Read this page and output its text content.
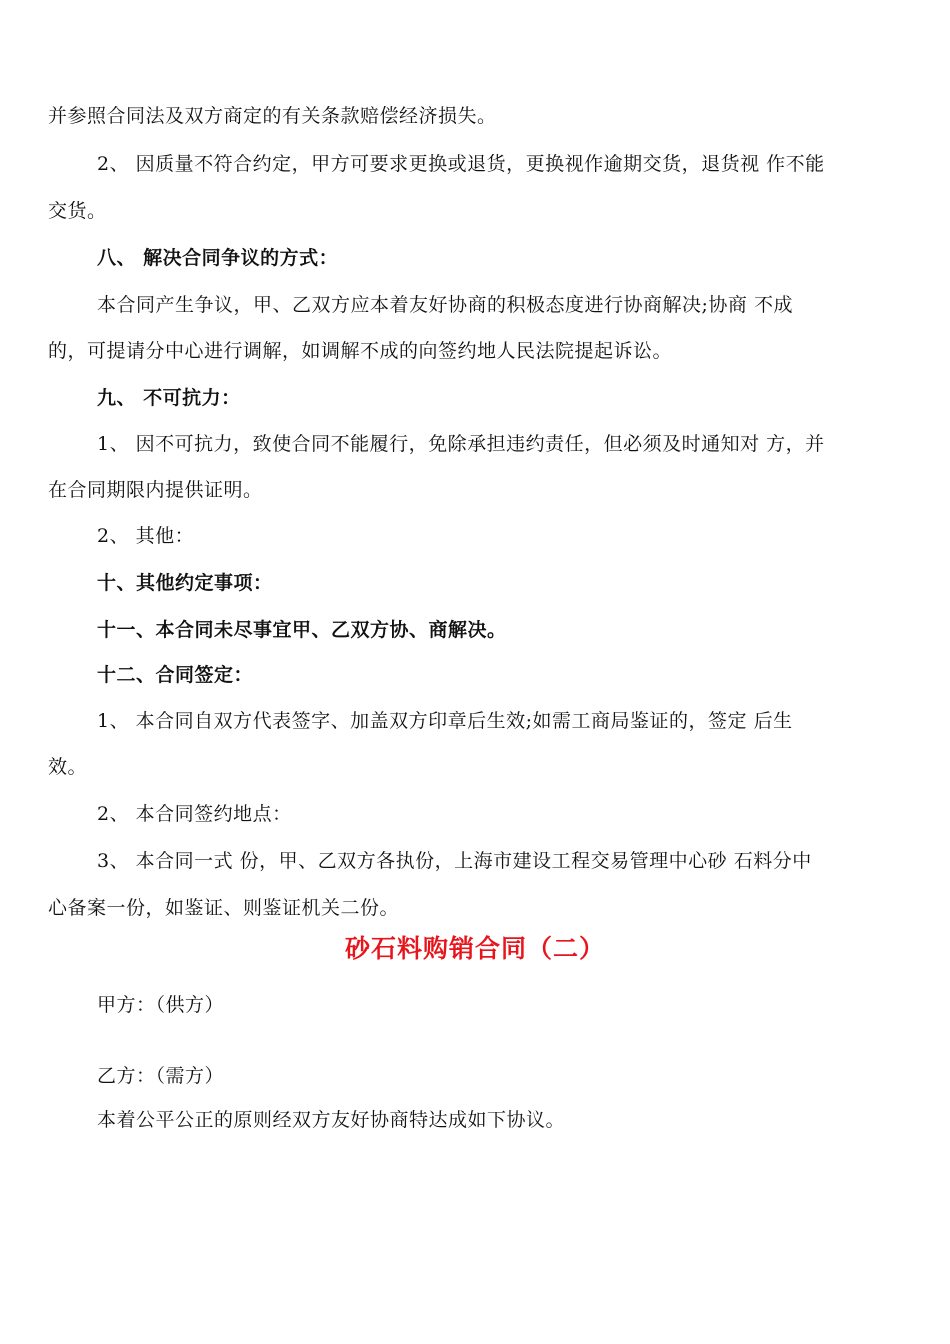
并参照合同法及双方商定的有关条款赔偿经济损失。
2、 因质量不符合约定，甲方可要求更换或退货，更换视作逾期交货，退货视 作不能
交货。
八、 解决合同争议的方式：
本合同产生争议，甲、乙双方应本着友好协商的积极态度进行协商解决;协商 不成
的，可提请分中心进行调解，如调解不成的向签约地人民法院提起诉讼。
九、 不可抗力：
1、 因不可抗力，致使合同不能履行，免除承担违约责任，但必须及时通知对 方，并
在合同期限内提供证明。
2、 其他：
十、其他约定事项：
十一、本合同未尽事宜甲、乙双方协、商解决。
十二、合同签定：
1、 本合同自双方代表签字、加盖双方印章后生效;如需工商局鉴证的，签定 后生
效。
2、 本合同签约地点：
3、 本合同一式 份，甲、乙双方各执份，上海市建设工程交易管理中心砂 石料分中
心备案一份，如鉴证、则鉴证机关二份。
砂石料购销合同（二）
甲方：（供方）
乙方：（需方）
本着公平公正的原则经双方友好协商特达成如下协议。
